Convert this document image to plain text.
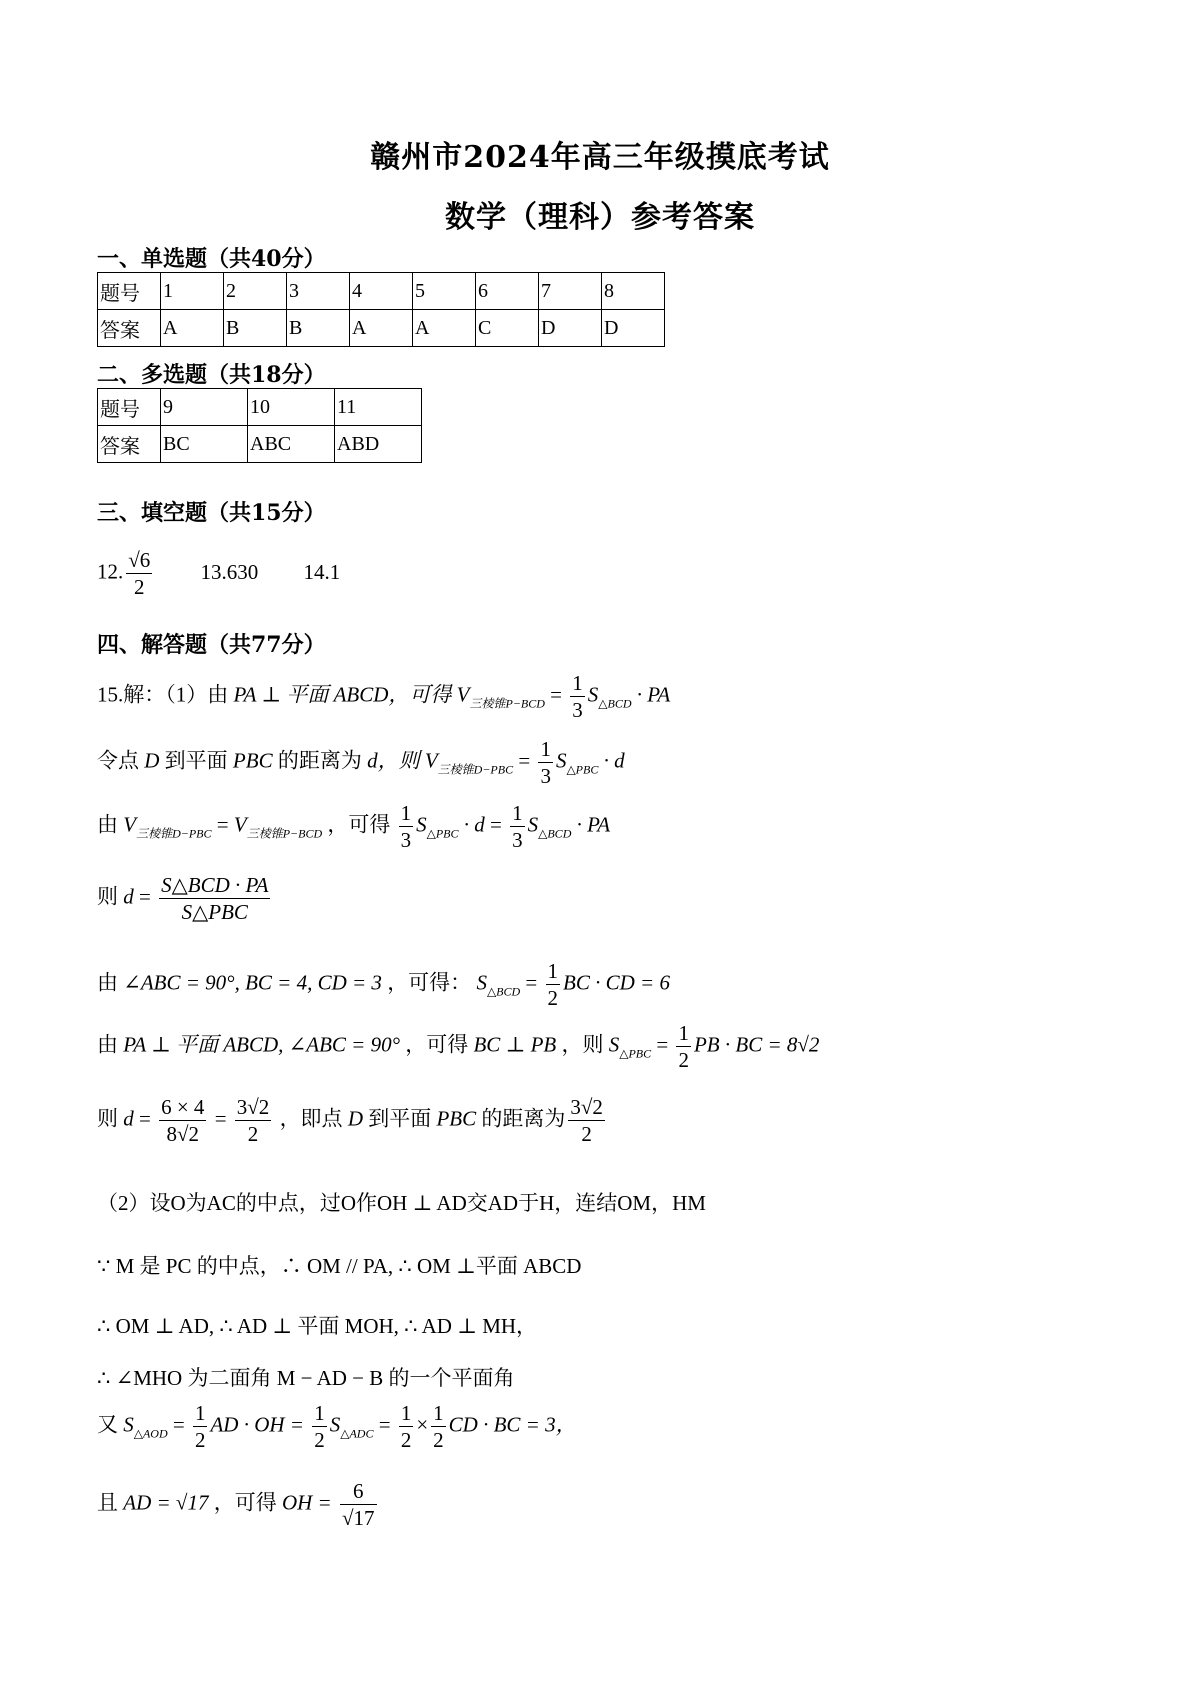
赣州市2024年高三年级摸底考试
数学（理科）参考答案
一、单选题（共40分）
题号	1	2	3	4	5	6	7	8
答案	A	B	B	A	A	C	D	D
二、多选题（共18分）
题号	9	10	11
答案	BC	ABC	ABD
三、填空题（共15分）
12. $\frac{√6}{2} 13.630$ 14.1
四、解答题（共77分）
15.解：（1）由 PA ⊥ 平面 ABCD，可得 $V_{三棱锥P-BCD} = \frac{1}{3} S_{\triangle BCD}$ · PA
令点 D 到平面 PBC 的距离为 d，则 $V_{三棱锥D-PBC} = \frac{1}{3} S_{\triangle PBC} \cdot d$
由 $V_{三棱锥D-PBC} = V_{三棱锥P-BCD}$ ，可得 $\frac{1}{3} S_{\triangle PBC} \cdot d = \frac{1}{3} S_{\triangle BCD}$ · PA
则 $d = \frac{\text{S△BCD · PA}}{\text{S△PBC}}$
由 ∠ABC = 90°, BC = 4, CD = 3 ，可得： $S_{\triangle BCD} = \frac{1}{2}$ BC · CD = 6
由 PA ⊥ 平面 ABCD, ∠ABC = 90° ，可得 BC ⊥ PB ，则 $S_{\triangle PBC} = \frac{1}{2}$ PB · BC = 8√2
则 $d = \frac{6 \times 4}{8√2} = \frac{3√2}{2}$ ，即点 D 到平面 PBC 的距离为 $\frac{3√2}{2}$
（2）设O为AC的中点，过O作OH ⊥ AD交AD于H，连结OM，HM
∵ M 是 PC 的中点，∴ OM // PA, ∴ OM ⊥平面 ABCD
∴ OM ⊥ AD, ∴ AD ⊥ 平面 MOH, ∴ AD ⊥ MH，
∴ ∠MHO 为二面角 M − AD − B 的一个平面角
又 $S_{\triangle AOD} = \frac{1}{2}$ AD · OH = $\frac{1}{2} S_{\triangle ADC} = \frac{1}{2} \times \frac{1}{2}$ CD · BC = 3，
且 AD = √17 ，可得 OH = $\frac{6}{√17}$
